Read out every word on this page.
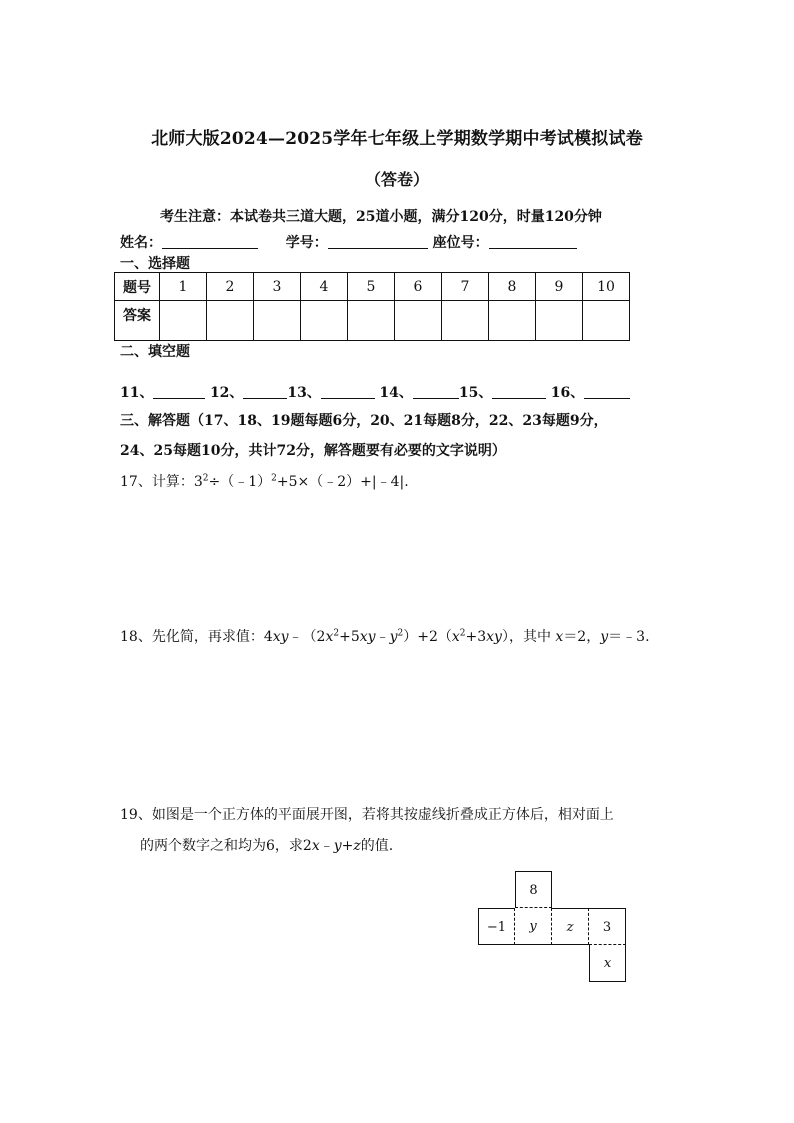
北师大版2024—2025学年七年级上学期数学期中考试模拟试卷
（答卷）
考生注意：本试卷共三道大题，25道小题，满分120分，时量120分钟
姓名：	学号：	座位号：
一、选择题
题号	1	2	3	4	5	6	7	8	9	10
答案										
二、填空题
11、	12、	13、	14、	15、	16、
三、解答题（17、18、19题每题6分，20、21每题8分，22、23每题9分，
24、25每题10分，共计72分，解答题要有必要的文字说明）
17、计算：$3^2\div(﹣1)^2+5\times(﹣2)+|﹣4|$.
18、先化简，再求值：$4xy﹣(2x^2+5xy﹣y^2)+2(x^2+3xy)$，其中 x＝2，y＝﹣3.
19、如图是一个正方体的平面展开图，若将其按虚线折叠成正方体后，相对面上
的两个数字之和均为6，求2x﹣y+z的值.
8
−1	y	z	3
x
